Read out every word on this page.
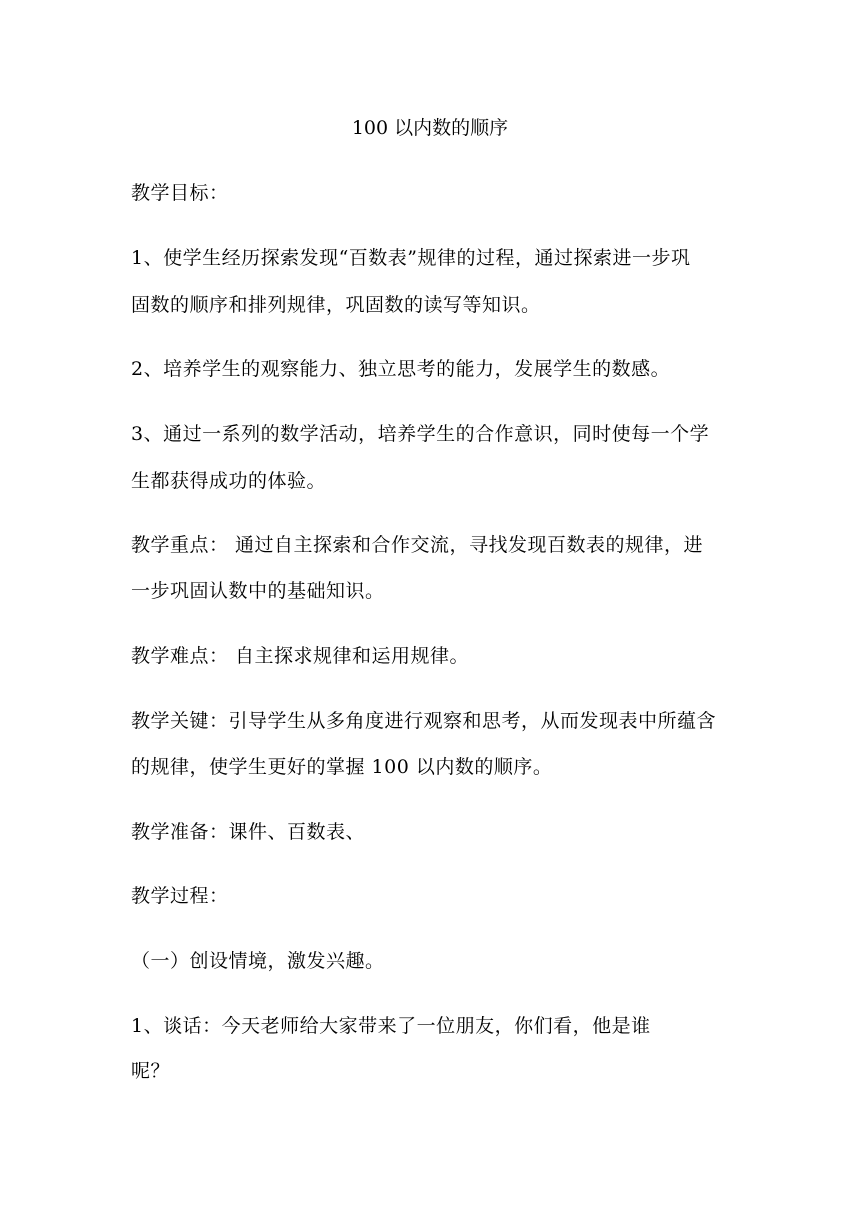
100 以内数的顺序
教学目标：
1、使学生经历探索发现“百数表”规律的过程，通过探索进一步巩
固数的顺序和排列规律，巩固数的读写等知识。
2、培养学生的观察能力、独立思考的能力，发展学生的数感。
3、通过一系列的数学活动，培养学生的合作意识，同时使每一个学
生都获得成功的体验。
教学重点： 通过自主探索和合作交流，寻找发现百数表的规律，进
一步巩固认数中的基础知识。
教学难点： 自主探求规律和运用规律。
教学关键：引导学生从多角度进行观察和思考，从而发现表中所蕴含
的规律，使学生更好的掌握 100 以内数的顺序。
教学准备：课件、百数表、
教学过程：
（一）创设情境，激发兴趣。
1、谈话：今天老师给大家带来了一位朋友，你们看，他是谁
呢？
